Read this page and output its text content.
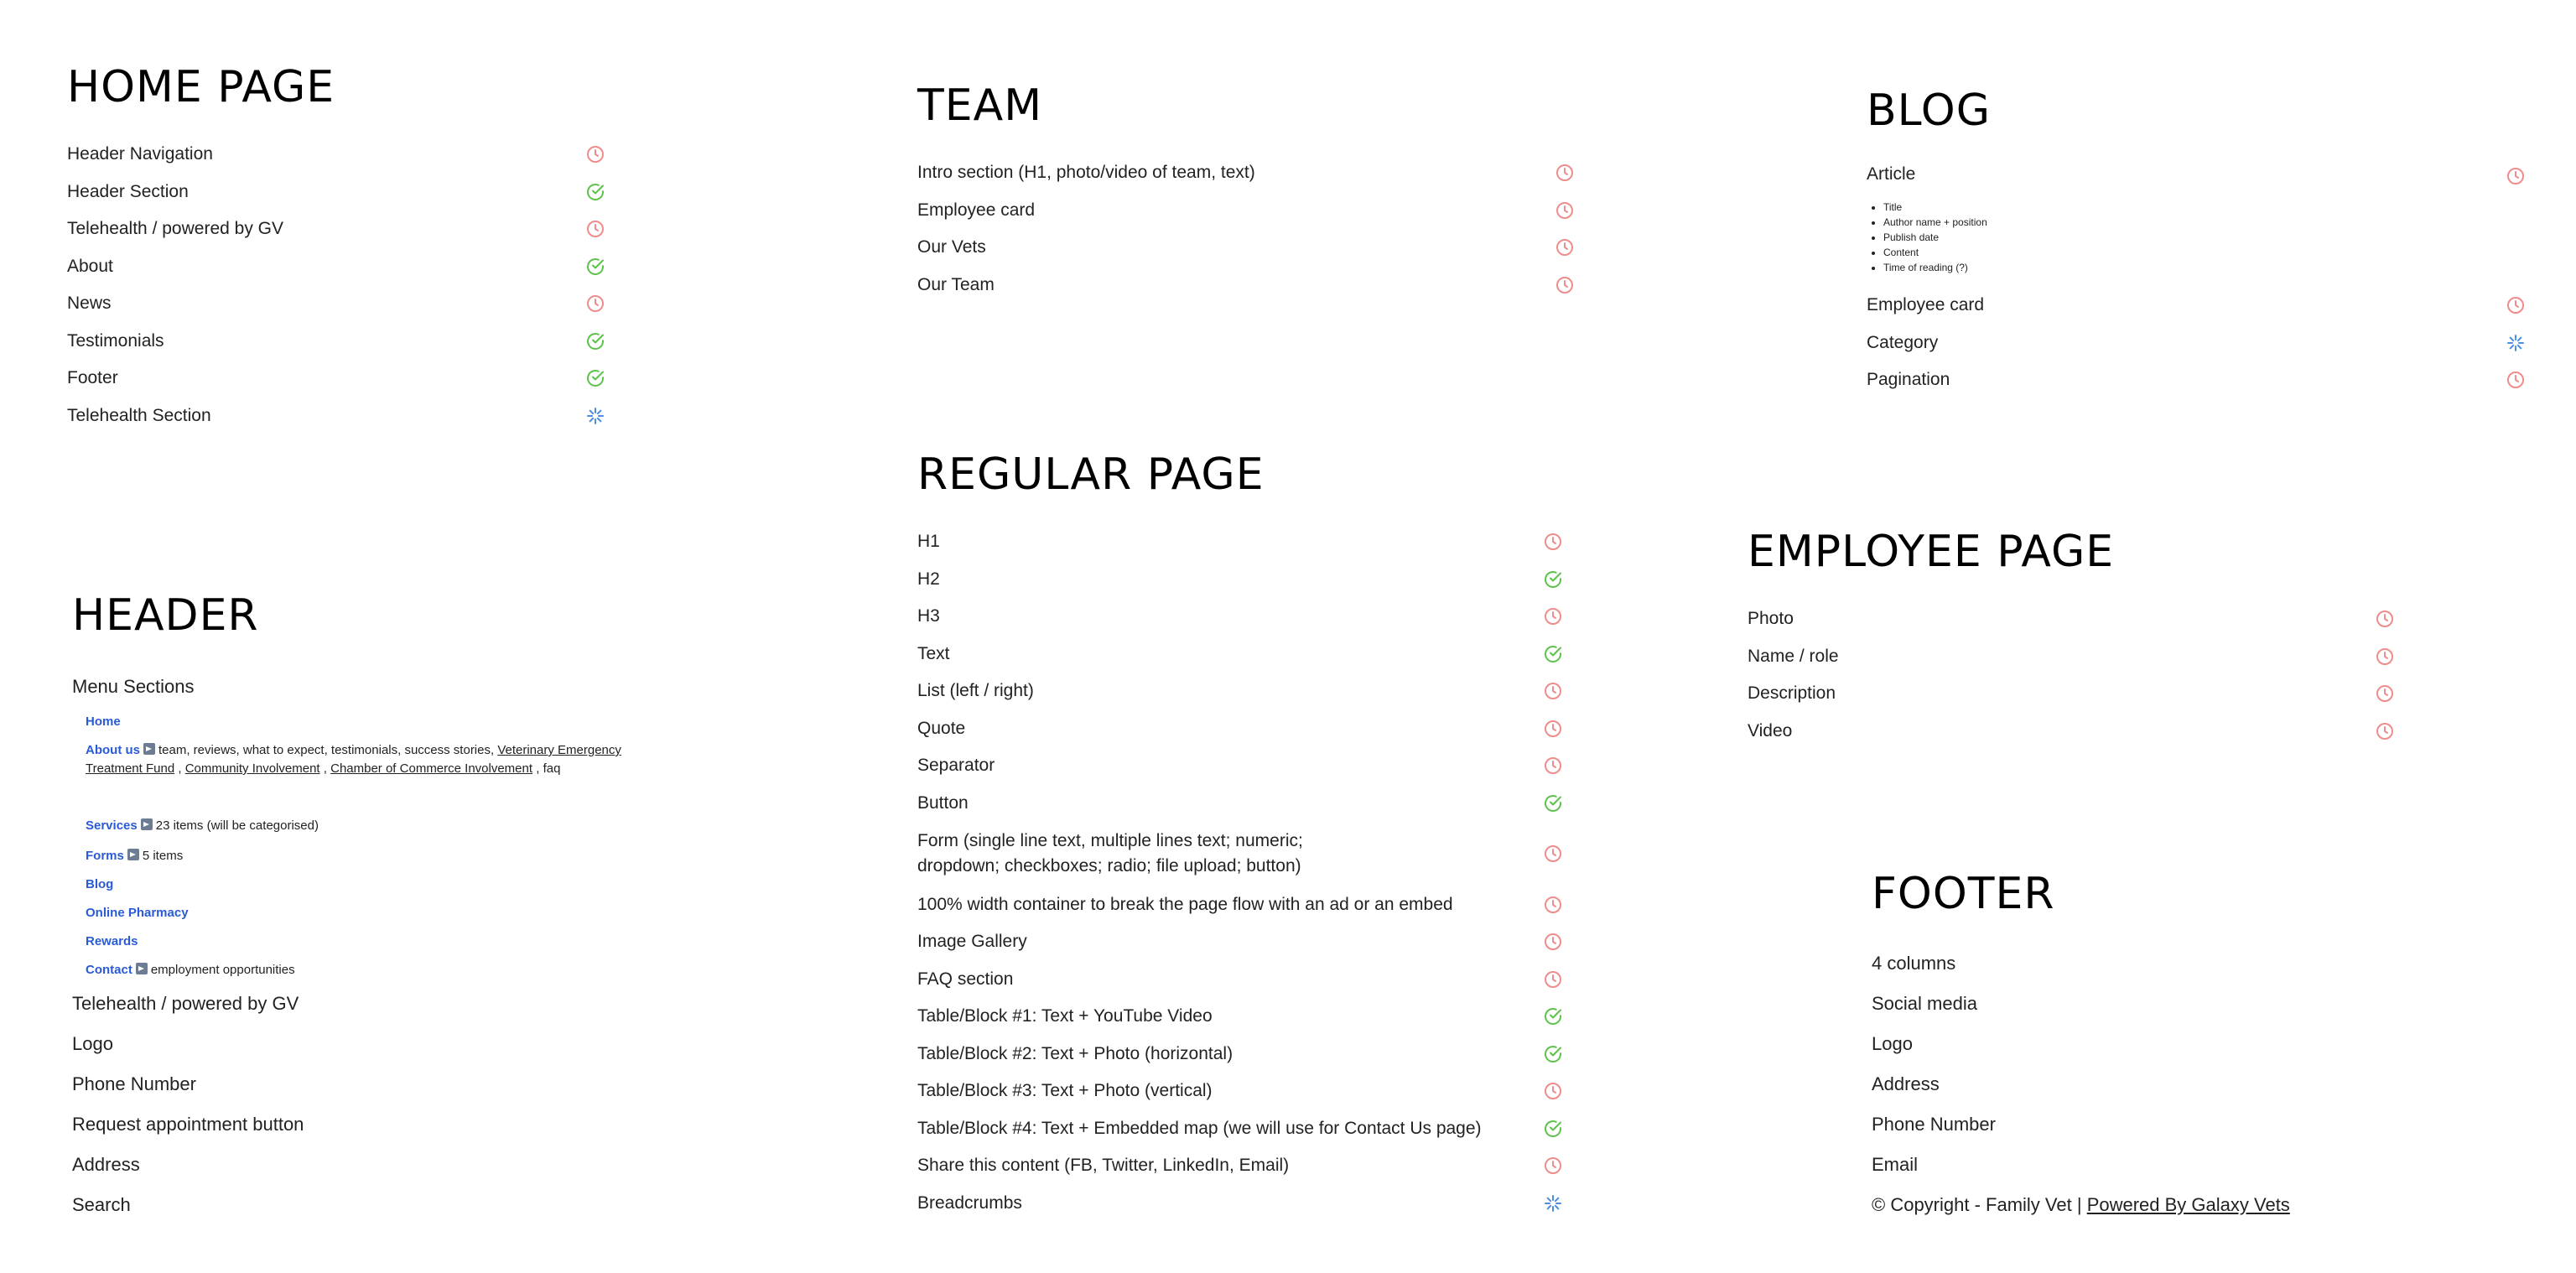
HOME PAGE
Header Navigation
Header Section
Telehealth / powered by GV
About
News
Testimonials
Footer
Telehealth Section
TEAM
Intro section (H1, photo/video of team, text)
Employee card
Our Vets
Our Team
BLOG
Article
• Title
• Author name + position
• Publish date
• Content
• Time of reading (?)
Employee card
Category
Pagination
REGULAR PAGE
H1
H2
H3
Text
List (left / right)
Quote
Separator
Button
Form (single line text, multiple lines text; numeric; dropdown; checkboxes; radio; file upload; button)
100% width container to break the page flow with an ad or an embed
Image Gallery
FAQ section
Table/Block #1: Text + YouTube Video
Table/Block #2: Text + Photo (horizontal)
Table/Block #3: Text + Photo (vertical)
Table/Block #4: Text + Embedded map (we will use for Contact Us page)
Share this content (FB, Twitter, LinkedIn, Email)
Breadcrumbs
EMPLOYEE PAGE
Photo
Name / role
Description
Video
HEADER
Menu Sections
Home
About us team, reviews, what to expect, testimonials, success stories, Veterinary Emergency Treatment Fund , Community Involvement , Chamber of Commerce Involvement , faq
Services 23 items (will be categorised)
Forms 5 items
Blog
Online Pharmacy
Rewards
Contact employment opportunities
Telehealth / powered by GV
Logo
Phone Number
Request appointment button
Address
Search
FOOTER
4 columns
Social media
Logo
Address
Phone Number
Email
© Copyright - Family Vet | Powered By Galaxy Vets
